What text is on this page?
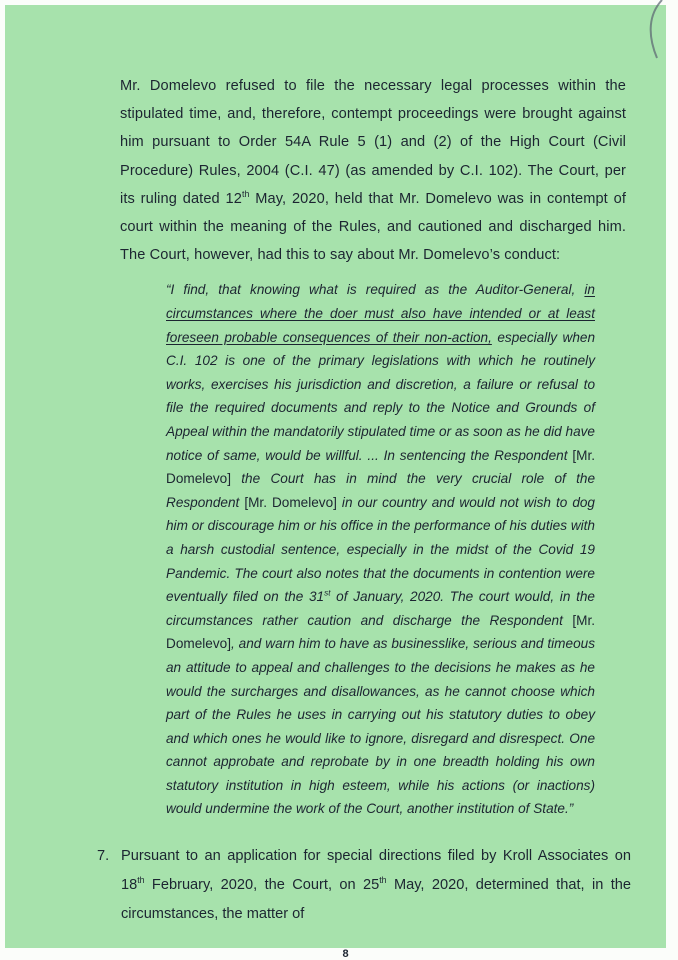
Mr. Domelevo refused to file the necessary legal processes within the stipulated time, and, therefore, contempt proceedings were brought against him pursuant to Order 54A Rule 5 (1) and (2) of the High Court (Civil Procedure) Rules, 2004 (C.I. 47) (as amended by C.I. 102). The Court, per its ruling dated 12th May, 2020, held that Mr. Domelevo was in contempt of court within the meaning of the Rules, and cautioned and discharged him. The Court, however, had this to say about Mr. Domelevo’s conduct:

“I find, that knowing what is required as the Auditor-General, in circumstances where the doer must also have intended or at least foreseen probable consequences of their non-action, especially when C.I. 102 is one of the primary legislations with which he routinely works, exercises his jurisdiction and discretion, a failure or refusal to file the required documents and reply to the Notice and Grounds of Appeal within the mandatorily stipulated time or as soon as he did have notice of same, would be willful. ... In sentencing the Respondent [Mr. Domelevo] the Court has in mind the very crucial role of the Respondent [Mr. Domelevo] in our country and would not wish to dog him or discourage him or his office in the performance of his duties with a harsh custodial sentence, especially in the midst of the Covid 19 Pandemic. The court also notes that the documents in contention were eventually filed on the 31st of January, 2020. The court would, in the circumstances rather caution and discharge the Respondent [Mr. Domelevo], and warn him to have as businesslike, serious and timeous an attitude to appeal and challenges to the decisions he makes as he would the surcharges and disallowances, as he cannot choose which part of the Rules he uses in carrying out his statutory duties to obey and which ones he would like to ignore, disregard and disrespect. One cannot approbate and reprobate by in one breadth holding his own statutory institution in high esteem, while his actions (or inactions) would undermine the work of the Court, another institution of State.”
7. Pursuant to an application for special directions filed by Kroll Associates on 18th February, 2020, the Court, on 25th May, 2020, determined that, in the circumstances, the matter of

8
